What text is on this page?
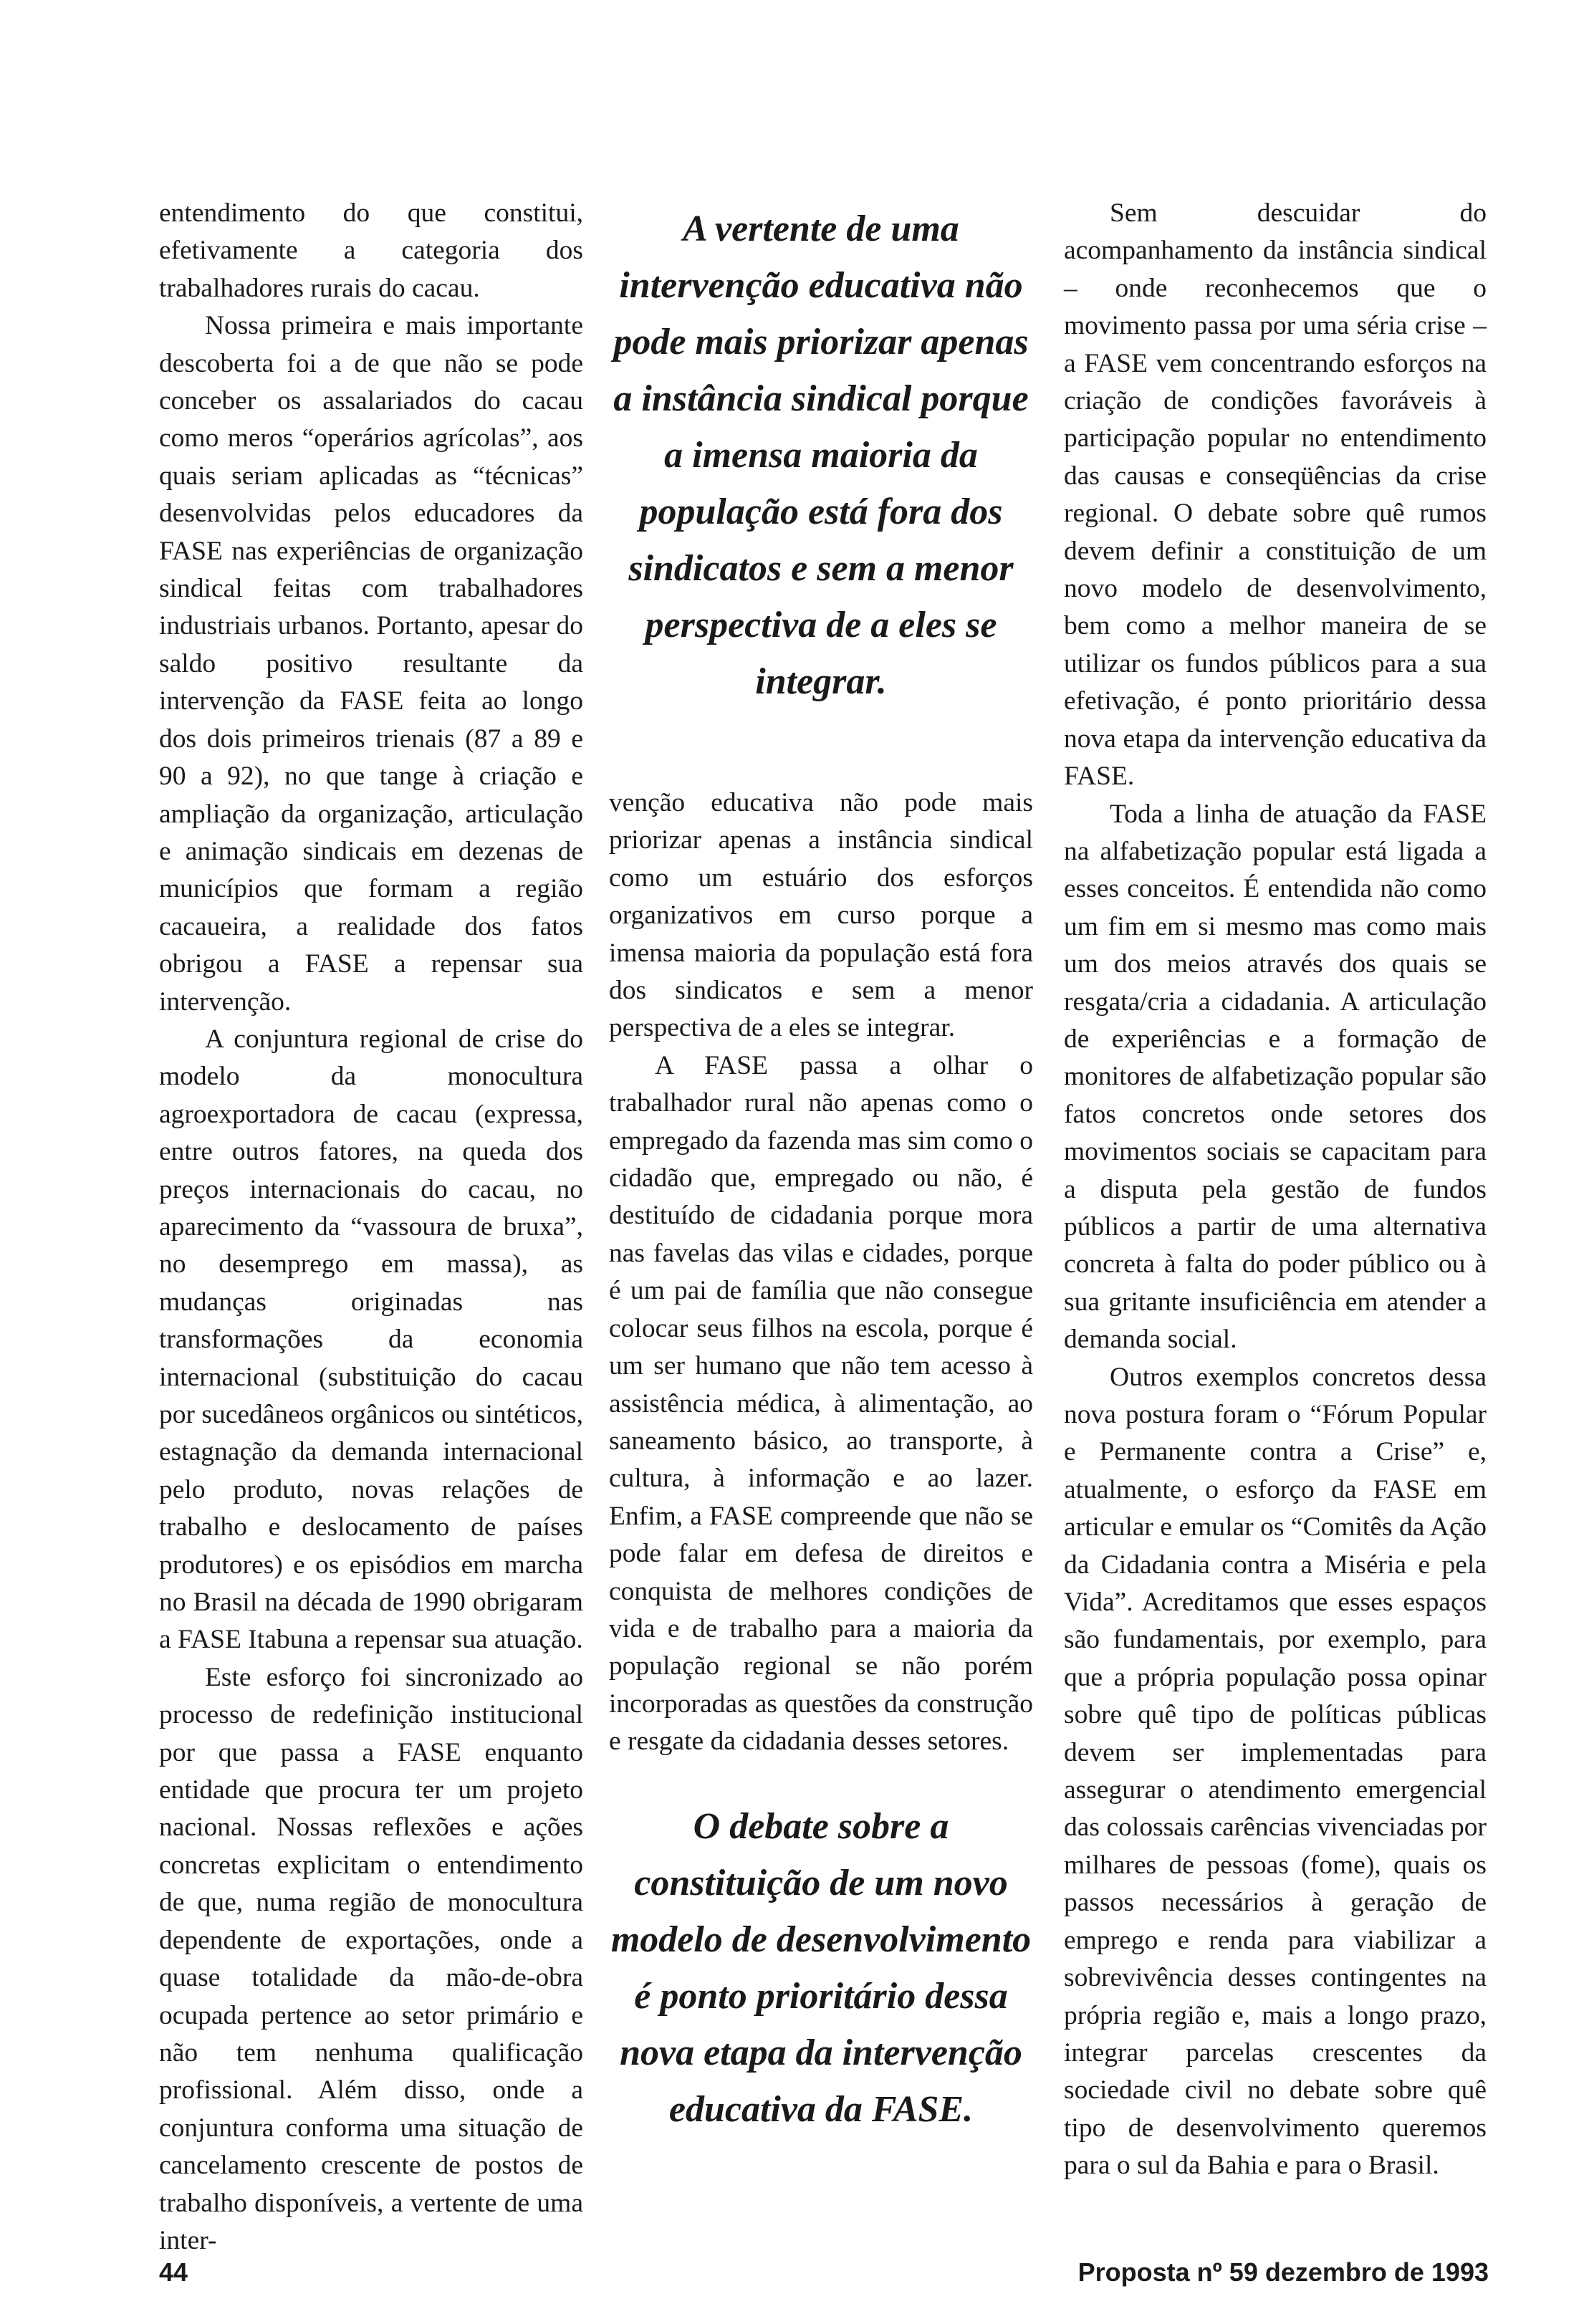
entendimento do que constitui, efetivamente a categoria dos trabalhadores rurais do cacau.

Nossa primeira e mais importante descoberta foi a de que não se pode conceber os assalariados do cacau como meros “operários agrícolas”, aos quais seriam aplicadas as “técnicas” desenvolvidas pelos educadores da FASE nas experiências de organização sindical feitas com trabalhadores industriais urbanos. Portanto, apesar do saldo positivo resultante da intervenção da FASE feita ao longo dos dois primeiros trienais (87 a 89 e 90 a 92), no que tange à criação e ampliação da organização, articulação e animação sindicais em dezenas de municípios que formam a região cacaueira, a realidade dos fatos obrigou a FASE a repensar sua intervenção.

A conjuntura regional de crise do modelo da monocultura agroexportadora de cacau (expressa, entre outros fatores, na queda dos preços internacionais do cacau, no aparecimento da “vassoura de bruxa”, no desemprego em massa), as mudanças originadas nas transformações da economia internacional (substituição do cacau por sucedâneos orgânicos ou sintéticos, estagnação da demanda internacional pelo produto, novas relações de trabalho e deslocamento de países produtores) e os episódios em marcha no Brasil na década de 1990 obrigaram a FASE Itabuna a repensar sua atuação.

Este esforço foi sincronizado ao processo de redefinição institucional por que passa a FASE enquanto entidade que procura ter um projeto nacional. Nossas reflexões e ações concretas explicitam o entendimento de que, numa região de monocultura dependente de exportações, onde a quase totalidade da mão-de-obra ocupada pertence ao setor primário e não tem nenhuma qualificação profissional. Além disso, onde a conjuntura conforma uma situação de cancelamento crescente de postos de trabalho disponíveis, a vertente de uma inter-

A vertente de uma intervenção educativa não pode mais priorizar apenas a instância sindical porque a imensa maioria da população está fora dos sindicatos e sem a menor perspectiva de a eles se integrar.

venção educativa não pode mais priorizar apenas a instância sindical como um estuário dos esforços organizativos em curso porque a imensa maioria da população está fora dos sindicatos e sem a menor perspectiva de a eles se integrar.

A FASE passa a olhar o trabalhador rural não apenas como o empregado da fazenda mas sim como o cidadão que, empregado ou não, é destituído de cidadania porque mora nas favelas das vilas e cidades, porque é um pai de família que não consegue colocar seus filhos na escola, porque é um ser humano que não tem acesso à assistência médica, à alimentação, ao saneamento básico, ao transporte, à cultura, à informação e ao lazer. Enfim, a FASE compreende que não se pode falar em defesa de direitos e conquista de melhores condições de vida e de trabalho para a maioria da população regional se não porém incorporadas as questões da construção e resgate da cidadania desses setores.

O debate sobre a constituição de um novo modelo de desenvolvimento é ponto prioritário dessa nova etapa da intervenção educativa da FASE.

Sem descuidar do acompanhamento da instância sindical – onde reconhecemos que o movimento passa por uma séria crise – a FASE vem concentrando esforços na criação de condições favoráveis à participação popular no entendimento das causas e conseqüências da crise regional. O debate sobre quê rumos devem definir a constituição de um novo modelo de desenvolvimento, bem como a melhor maneira de se utilizar os fundos públicos para a sua efetivação, é ponto prioritário dessa nova etapa da intervenção educativa da FASE.

Toda a linha de atuação da FASE na alfabetização popular está ligada a esses conceitos. É entendida não como um fim em si mesmo mas como mais um dos meios através dos quais se resgata/cria a cidadania. A articulação de experiências e a formação de monitores de alfabetização popular são fatos concretos onde setores dos movimentos sociais se capacitam para a disputa pela gestão de fundos públicos a partir de uma alternativa concreta à falta do poder público ou à sua gritante insuficiência em atender a demanda social.

Outros exemplos concretos dessa nova postura foram o “Fórum Popular e Permanente contra a Crise” e, atualmente, o esforço da FASE em articular e emular os “Comitês da Ação da Cidadania contra a Miséria e pela Vida”. Acreditamos que esses espaços são fundamentais, por exemplo, para que a própria população possa opinar sobre quê tipo de políticas públicas devem ser implementadas para assegurar o atendimento emergencial das colossais carências vivenciadas por milhares de pessoas (fome), quais os passos necessários à geração de emprego e renda para viabilizar a sobrevivência desses contingentes na própria região e, mais a longo prazo, integrar parcelas crescentes da sociedade civil no debate sobre quê tipo de desenvolvimento queremos para o sul da Bahia e para o Brasil.

44	Proposta nº 59 dezembro de 1993
